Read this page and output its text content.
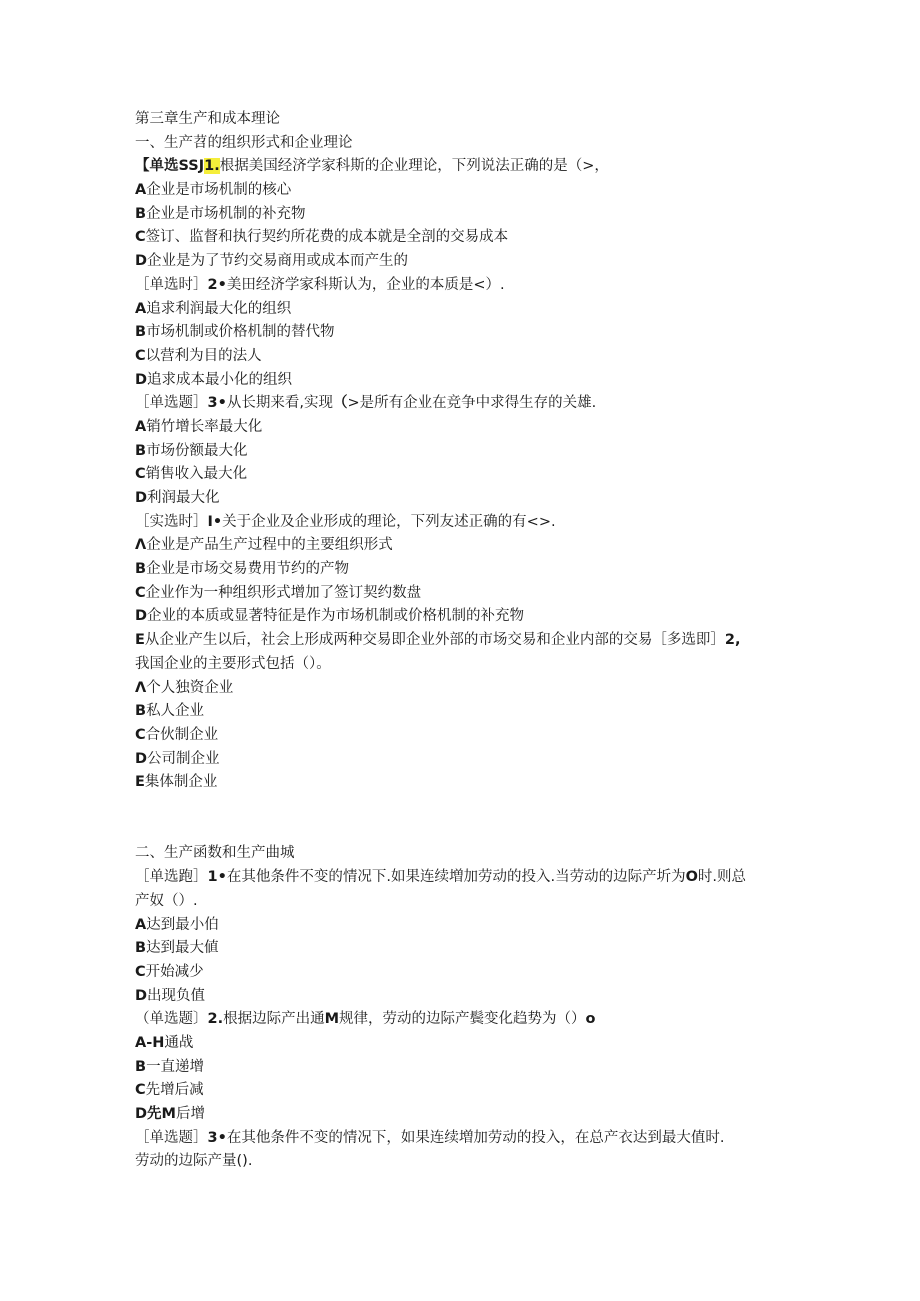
第三章生产和成本理论
一、生产苕的组织形式和企业理论
【单选SSJ1.根据美国经济学家科斯的企业理论，下列说法正确的是（>，
A企业是市场机制的核心
B企业是市场机制的补充物
C签订、监督和执行契约所花费的成本就是全剖的交易成本
D企业是为了节约交易商用或成本而产生的
［单选时］2•美田经济学家科斯认为，企业的本质是<）.
A追求利润最大化的组织
B市场机制或价格机制的替代物
C以营利为目的法人
D追求成本最小化的组织
［单选题］3•从长期来看,实现（>是所有企业在竞争中求得生存的关雄.
A销竹增长率最大化
B市场份额最大化
C销售收入最大化
D利润最大化
［实选时］I•关于企业及企业形成的理论，下列友述正确的有<>.
Λ企业是产品生产过程中的主要组织形式
B企业是市场交易费用节约的产物
C企业作为一种组织形式增加了签订契约数盘
D企业的本质或显著特征是作为市场机制或价格机制的补充物
E从企业产生以后，社会上形成两种交易即企业外部的市场交易和企业内部的交易［多选即］2,
我国企业的主要形式包括（）。
Λ个人独资企业
B私人企业
C合伙制企业
D公司制企业
E集体制企业
二、生产函数和生产曲城
［单选跑］1•在其他条件不变的情况下.如果连续増加劳动的投入.当劳动的边际产圻为O时.则总
产奴（）.
A达到最小伯
B达到最大値
C开始减少
D出现负值
（单选题〕2.根据边际产出通M规律，劳动的边际产鬓变化趋势为（）o
A-H通战
B一直递增
C先增后减
D先M后增
［单选题］3•在其他条件不变的情况下，如果连续増加劳动的投入，在总产衣达到最大值时.
劳动的边际产量().
